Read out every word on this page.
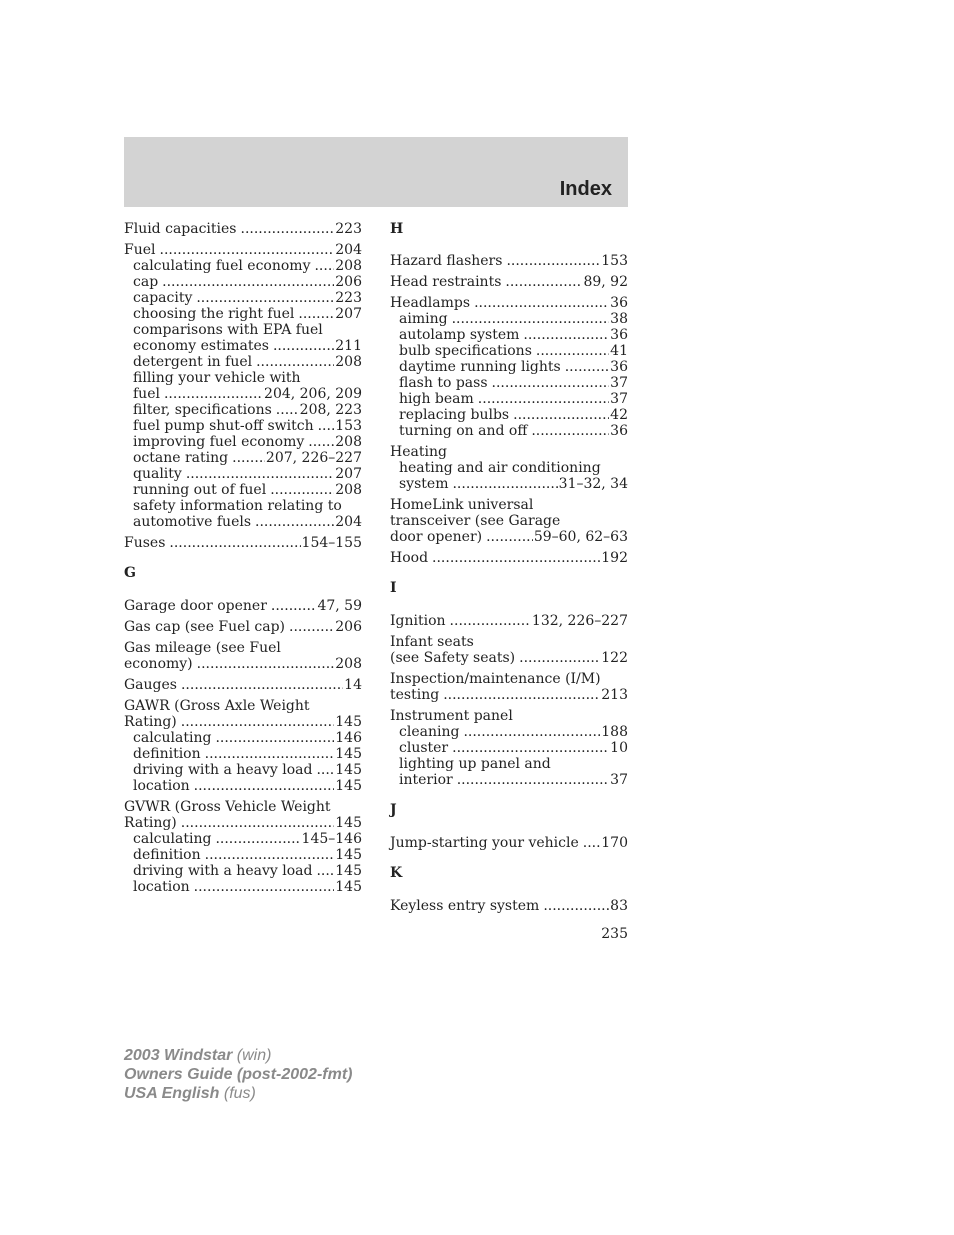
Index
Fluid capacities .....	223
Fuel .....	204
calculating fuel economy ..... 208
cap .....	206
capacity .....	223
choosing the right fuel .....	207
comparisons with EPA fuel
economy estimates .....	211
detergent in fuel .....	208
filling your vehicle with
fuel .....	204, 206, 209
filter, specifications ..... 208, 223
fuel pump shut-off switch ..... 153
improving fuel economy ..... 208
octane rating .....	207, 226–227
quality .....	207
running out of fuel .....	208
safety information relating to
automotive fuels .....	204
Fuses .....	154–155
G
Garage door opener .....	47, 59
Gas cap (see Fuel cap) .....	206
Gas mileage (see Fuel
economy) .....	208
Gauges .....	14
GAWR (Gross Axle Weight
Rating) .....	145
calculating .....	146
definition .....	145
driving with a heavy load ..... 145
location .....	145
GVWR (Gross Vehicle Weight
Rating) .....	145
calculating .....	145–146
definition .....	145
driving with a heavy load ..... 145
location .....	145
H
Hazard flashers .....	153
Head restraints .....	89, 92
Headlamps .....	36
aiming .....	38
autolamp system .....	36
bulb specifications .....	41
daytime running lights .....	36
flash to pass .....	37
high beam .....	37
replacing bulbs .....	42
turning on and off .....	36
Heating
heating and air conditioning
system .....	31–32, 34
HomeLink universal
transceiver (see Garage
door opener) .....	59–60, 62–63
Hood .....	192
I
Ignition .....	132, 226–227
Infant seats
(see Safety seats) .....	122
Inspection/maintenance (I/M)
testing .....	213
Instrument panel
cleaning .....	188
cluster .....	10
lighting up panel and
interior .....	37
J
Jump-starting your vehicle ..... 170
K
Keyless entry system .....	83
235
2003 Windstar (win)
Owners Guide (post-2002-fmt)
USA English (fus)
